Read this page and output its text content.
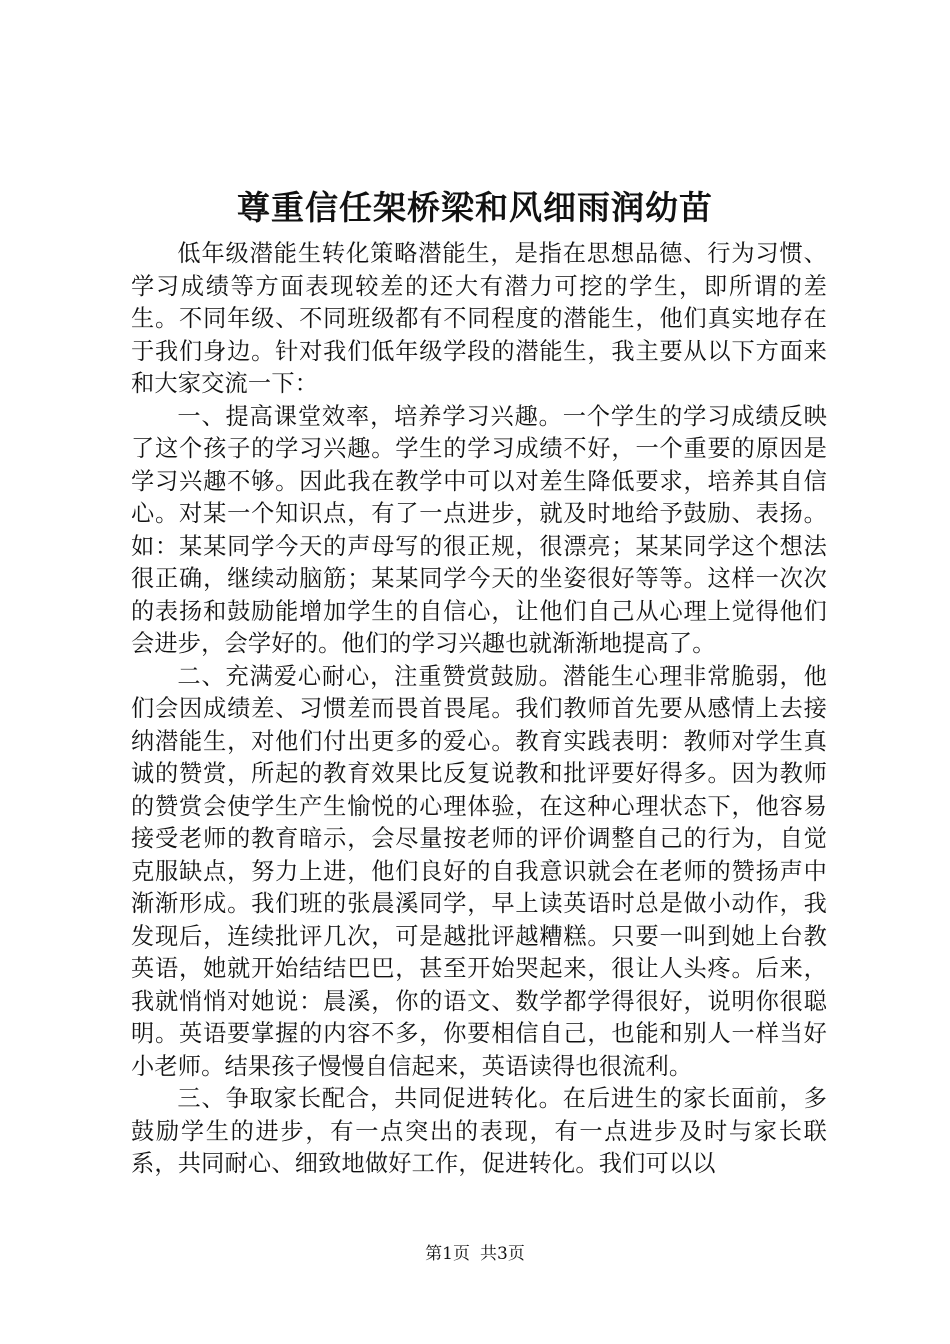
尊重信任架桥梁和风细雨润幼苗

低年级潜能生转化策略潜能生，是指在思想品德、行为习惯、学习成绩等方面表现较差的还大有潜力可挖的学生，即所谓的差生。不同年级、不同班级都有不同程度的潜能生，他们真实地存在于我们身边。针对我们低年级学段的潜能生，我主要从以下方面来和大家交流一下：

一、提高课堂效率，培养学习兴趣。一个学生的学习成绩反映了这个孩子的学习兴趣。学生的学习成绩不好，一个重要的原因是学习兴趣不够。因此我在教学中可以对差生降低要求，培养其自信心。对某一个知识点，有了一点进步，就及时地给予鼓励、表扬。如：某某同学今天的声母写的很正规，很漂亮；某某同学这个想法很正确，继续动脑筋；某某同学今天的坐姿很好等等。这样一次次的表扬和鼓励能增加学生的自信心，让他们自己从心理上觉得他们会进步，会学好的。他们的学习兴趣也就渐渐地提高了。

二、充满爱心耐心，注重赞赏鼓励。潜能生心理非常脆弱，他们会因成绩差、习惯差而畏首畏尾。我们教师首先要从感情上去接纳潜能生，对他们付出更多的爱心。教育实践表明：教师对学生真诚的赞赏，所起的教育效果比反复说教和批评要好得多。因为教师的赞赏会使学生产生愉悦的心理体验，在这种心理状态下，他容易接受老师的教育暗示，会尽量按老师的评价调整自己的行为，自觉克服缺点，努力上进，他们良好的自我意识就会在老师的赞扬声中渐渐形成。我们班的张晨溪同学，早上读英语时总是做小动作，我发现后，连续批评几次，可是越批评越糟糕。只要一叫到她上台教英语，她就开始结结巴巴，甚至开始哭起来，很让人头疼。后来，我就悄悄对她说：晨溪，你的语文、数学都学得很好，说明你很聪明。英语要掌握的内容不多，你要相信自己，也能和别人一样当好小老师。结果孩子慢慢自信起来，英语读得也很流利。

三、争取家长配合，共同促进转化。在后进生的家长面前，多鼓励学生的进步，有一点突出的表现，有一点进步及时与家长联系，共同耐心、细致地做好工作，促进转化。我们可以以

第1页 共3页
